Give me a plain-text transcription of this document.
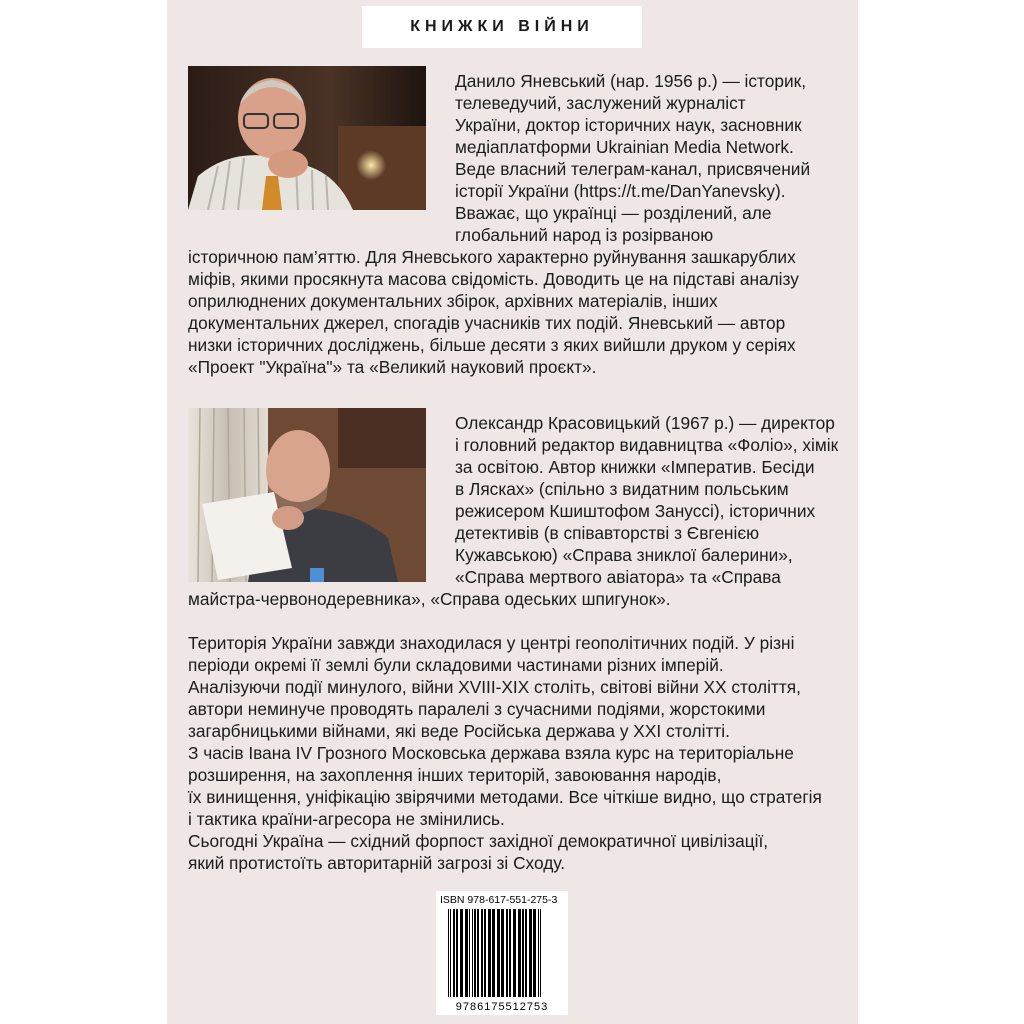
КНИЖКИ ВІЙНИ
Данило Яневський (нар. 1956 р.) — історик,
телеведучий, заслужений журналіст
України, доктор історичних наук, засновник
медіаплатформи Ukrainian Media Network.
Веде власний телеграм-канал, присвячений
історії України (https://t.me/DanYanevsky).
Вважає, що українці — розділений, але
глобальний народ із розірваною
історичною пам’яттю. Для Яневського характерно руйнування зашкарублих
міфів, якими просякнута масова свідомість. Доводить це на підставі аналізу
оприлюднених документальних збірок, архівних матеріалів, інших
документальних джерел, спогадів учасників тих подій. Яневський — автор
низки історичних досліджень, більше десяти з яких вийшли друком у серіях
«Проект "Україна"» та «Великий науковий проєкт».
Олександр Красовицький (1967 р.) — директор
і головний редактор видавництва «Фоліо», хімік
за освітою. Автор книжки «Імператив. Бесіди
в Лясках» (спільно з видатним польським
режисером Кшиштофом Зануссі), історичних
детективів (в співавторстві з Євгенією
Кужавською) «Справа зниклої балерини»,
«Справа мертвого авіатора» та «Справа
майстра-червонодеревника», «Справа одеських шпигунок».
Територія України завжди знаходилася у центрі геополітичних подій. У різні
періоди окремі її землі були складовими частинами різних імперій.
Аналізуючи події минулого, війни XVIII-XIX століть, світові війни XX століття,
автори неминуче проводять паралелі з сучасними подіями, жорстокими
загарбницькими війнами, які веде Російська держава у XXI столітті.
З часів Івана IV Грозного Московська держава взяла курс на територіальне
розширення, на захоплення інших територій, завоювання народів,
їх винищення, уніфікацію звірячими методами. Все чіткіше видно, що стратегія
і тактика країни-агресора не змінились.
Сьогодні Україна — східний форпост західної демократичної цивілізації,
який протистоїть авторитарній загрозі зі Сходу.
ISBN 978-617-551-275-3
9786175512753
